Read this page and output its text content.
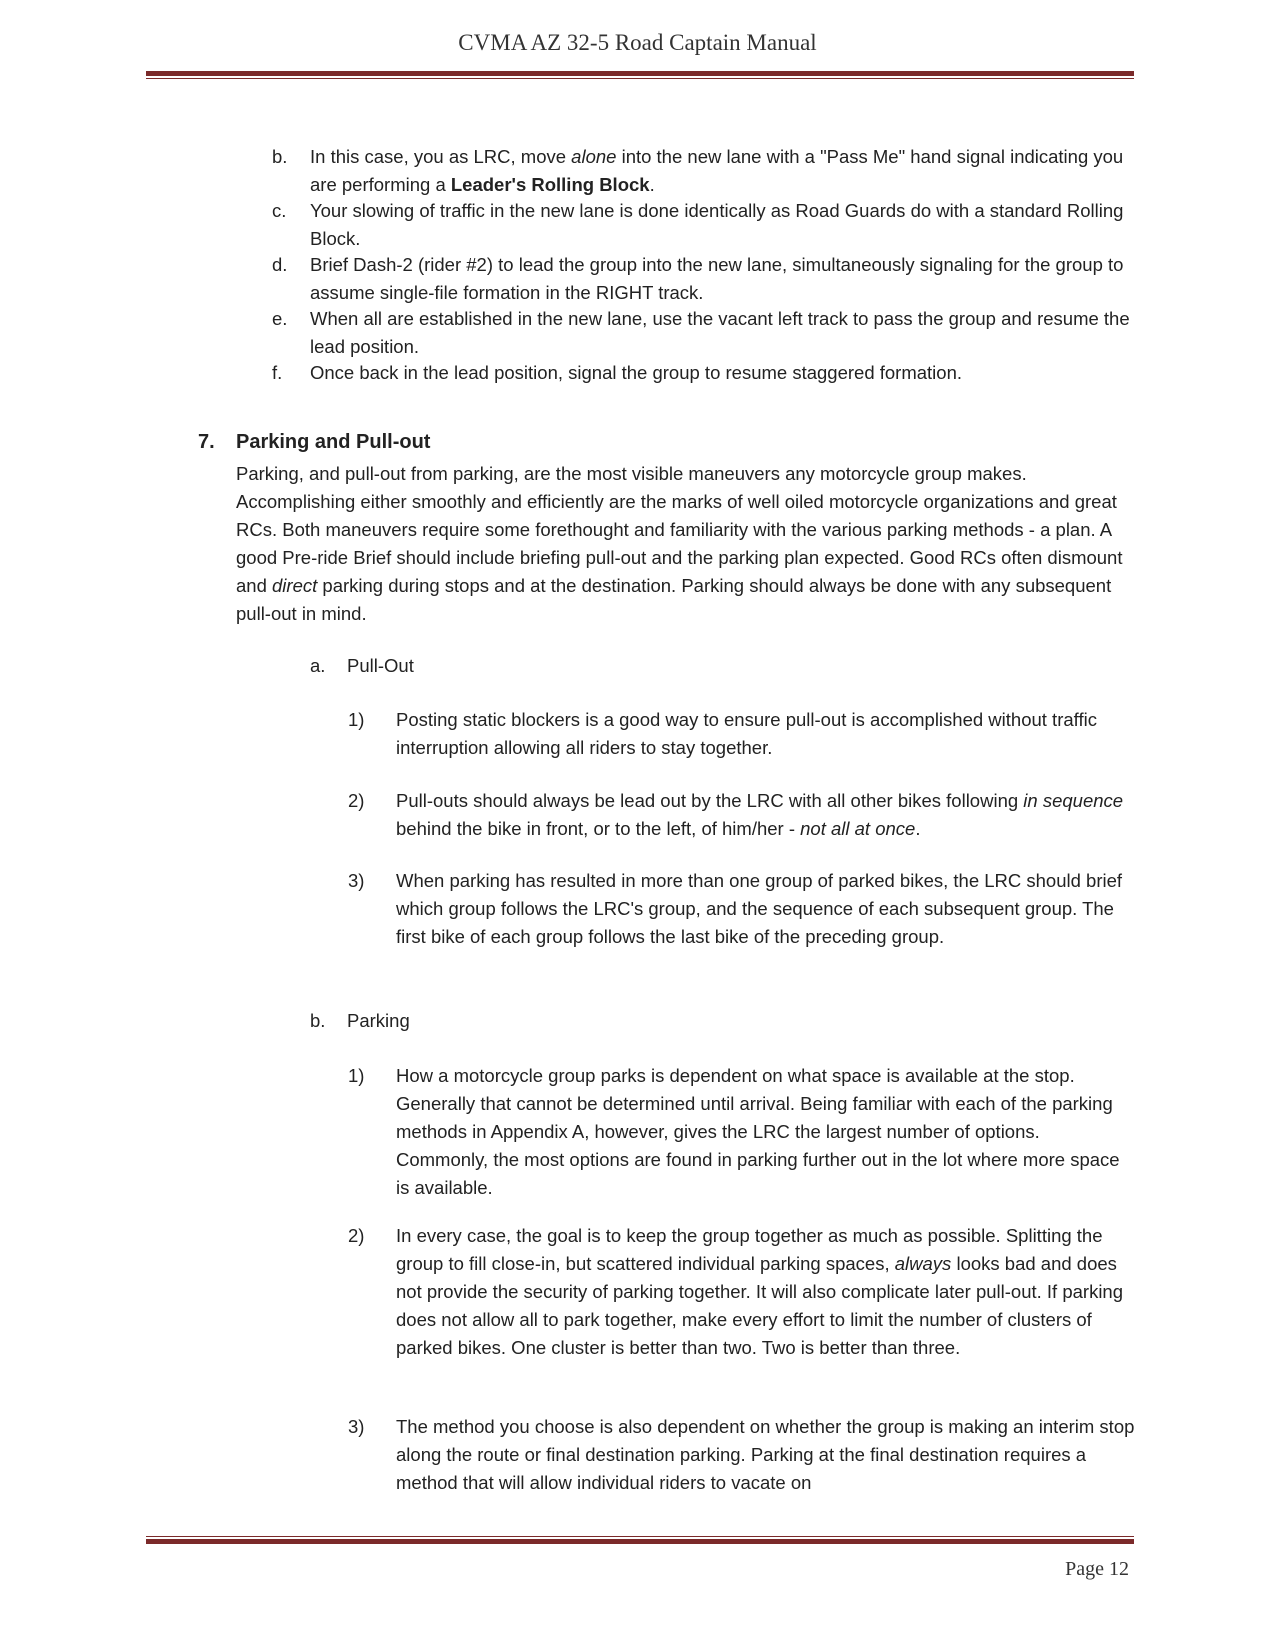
CVMA AZ 32-5 Road Captain Manual
b. In this case, you as LRC, move alone into the new lane with a "Pass Me" hand signal indicating you are performing a Leader's Rolling Block.
c. Your slowing of traffic in the new lane is done identically as Road Guards do with a standard Rolling Block.
d. Brief Dash-2 (rider #2) to lead the group into the new lane, simultaneously signaling for the group to assume single-file formation in the RIGHT track.
e. When all are established in the new lane, use the vacant left track to pass the group and resume the lead position.
f. Once back in the lead position, signal the group to resume staggered formation.
7. Parking and Pull-out
Parking, and pull-out from parking, are the most visible maneuvers any motorcycle group makes. Accomplishing either smoothly and efficiently are the marks of well oiled motorcycle organizations and great RCs. Both maneuvers require some forethought and familiarity with the various parking methods - a plan. A good Pre-ride Brief should include briefing pull-out and the parking plan expected. Good RCs often dismount and direct parking during stops and at the destination. Parking should always be done with any subsequent pull-out in mind.
a. Pull-Out
1) Posting static blockers is a good way to ensure pull-out is accomplished without traffic interruption allowing all riders to stay together.
2) Pull-outs should always be lead out by the LRC with all other bikes following in sequence behind the bike in front, or to the left, of him/her - not all at once.
3) When parking has resulted in more than one group of parked bikes, the LRC should brief which group follows the LRC's group, and the sequence of each subsequent group. The first bike of each group follows the last bike of the preceding group.
b. Parking
1) How a motorcycle group parks is dependent on what space is available at the stop. Generally that cannot be determined until arrival. Being familiar with each of the parking methods in Appendix A, however, gives the LRC the largest number of options. Commonly, the most options are found in parking further out in the lot where more space is available.
2) In every case, the goal is to keep the group together as much as possible. Splitting the group to fill close-in, but scattered individual parking spaces, always looks bad and does not provide the security of parking together. It will also complicate later pull-out. If parking does not allow all to park together, make every effort to limit the number of clusters of parked bikes. One cluster is better than two. Two is better than three.
3) The method you choose is also dependent on whether the group is making an interim stop along the route or final destination parking. Parking at the final destination requires a method that will allow individual riders to vacate on
Page 12
